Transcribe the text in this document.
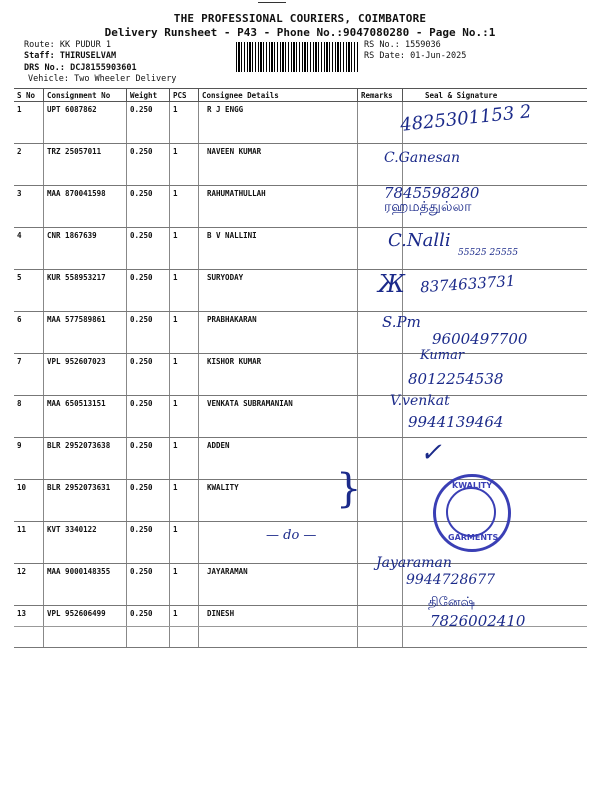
THE PROFESSIONAL COURIERS, COIMBATORE
Delivery Runsheet - P43 - Phone No.:9047080280 - Page No.:1
Route: KK PUDUR 1
Staff: THIRUSELVAM
DRS No.: DCJ8155903601
Vehicle: Two Wheeler Delivery
RS No.: 1559036
RS Date: 01-Jun-2025
S No	Consignment No	Weight	PCS	Consignee Details	Remarks	Seal & Signature
1	UPT 6087862	0.250	1	R J ENGG		
2	TRZ 25057011	0.250	1	NAVEEN KUMAR		
3	MAA 870041598	0.250	1	RAHUMATHULLAH		
4	CNR 1867639	0.250	1	B V NALLINI		
5	KUR 558953217	0.250	1	SURYODAY		
6	MAA 577589861	0.250	1	PRABHAKARAN		
7	VPL 952607023	0.250	1	KISHOR KUMAR		
8	MAA 650513151	0.250	1	VENKATA SUBRAMANIAN		
9	BLR 2952073638	0.250	1	ADDEN		
10	BLR 2952073631	0.250	1	KWALITY		
11	KVT 3340122	0.250	1			
12	MAA 9000148355	0.250	1	JAYARAMAN		
13	VPL 952606499	0.250	1	DINESH		
4825301153 2
C.Ganesan
7845598280
ரஹமத்துல்லா
C.Nalli
55525 25555
Ж 8374633731
S.Pm
9600497700
Kumar
8012254538
V.venkat
9944139464
✓
}
— do —
Jayaraman
9944728677
தினேஷ்
7826002410
KWALITY
GARMENTS
